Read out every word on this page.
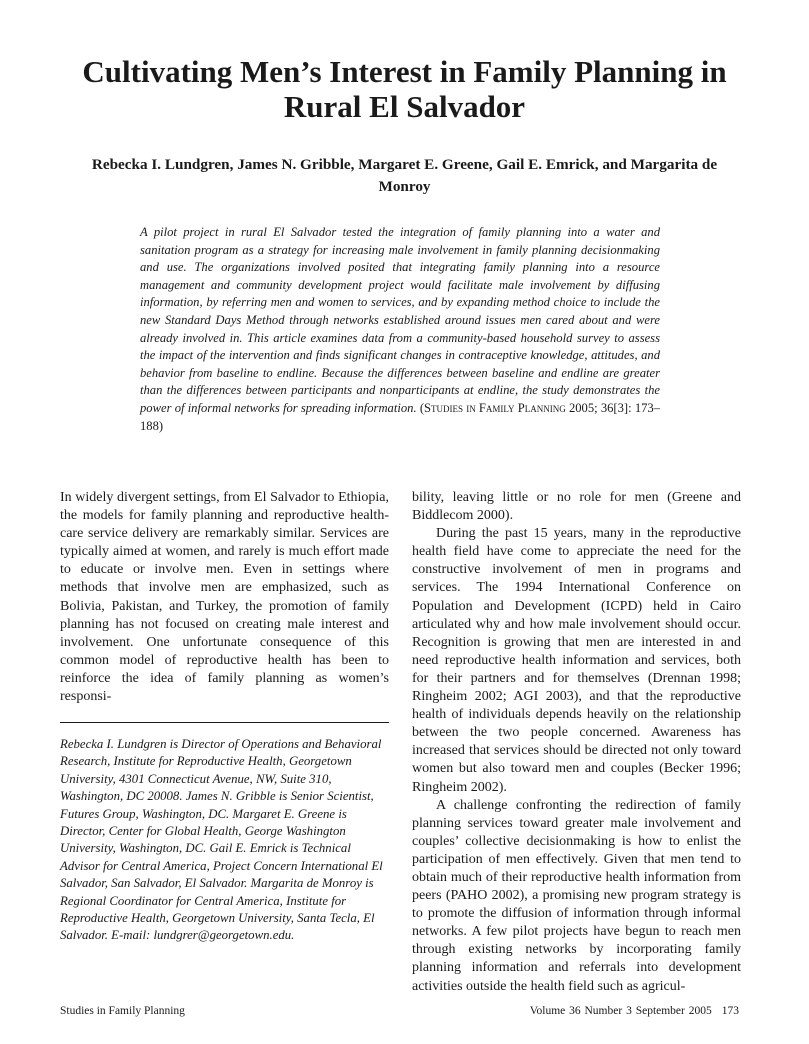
Cultivating Men’s Interest in Family Planning in Rural El Salvador
Rebecka I. Lundgren, James N. Gribble, Margaret E. Greene, Gail E. Emrick, and Margarita de Monroy
A pilot project in rural El Salvador tested the integration of family planning into a water and sanitation program as a strategy for increasing male involvement in family planning decisionmaking and use. The organizations involved posited that integrating family planning into a resource management and community development project would facilitate male involvement by diffusing information, by referring men and women to services, and by expanding method choice to include the new Standard Days Method through networks established around issues men cared about and were already involved in. This article examines data from a community-based household survey to assess the impact of the intervention and finds significant changes in contraceptive knowledge, attitudes, and behavior from baseline to endline. Because the differences between baseline and endline are greater than the differences between participants and nonparticipants at endline, the study demonstrates the power of informal networks for spreading information. (Studies in Family Planning 2005; 36[3]: 173–188)

In widely divergent settings, from El Salvador to Ethiopia, the models for family planning and reproductive health-care service delivery are remarkably similar. Services are typically aimed at women, and rarely is much effort made to educate or involve men. Even in settings where methods that involve men are emphasized, such as Bolivia, Pakistan, and Turkey, the promotion of family planning has not focused on creating male interest and involvement. One unfortunate consequence of this common model of reproductive health has been to reinforce the idea of family planning as women’s responsi-

Rebecka I. Lundgren is Director of Operations and Behavioral Research, Institute for Reproductive Health, Georgetown University, 4301 Connecticut Avenue, NW, Suite 310, Washington, DC 20008. James N. Gribble is Senior Scientist, Futures Group, Washington, DC. Margaret E. Greene is Director, Center for Global Health, George Washington University, Washington, DC. Gail E. Emrick is Technical Advisor for Central America, Project Concern International El Salvador, San Salvador, El Salvador. Margarita de Monroy is Regional Coordinator for Central America, Institute for Reproductive Health, Georgetown University, Santa Tecla, El Salvador. E-mail: lundgrer@georgetown.edu.

bility, leaving little or no role for men (Greene and Biddlecom 2000).

During the past 15 years, many in the reproductive health field have come to appreciate the need for the constructive involvement of men in programs and services. The 1994 International Conference on Population and Development (ICPD) held in Cairo articulated why and how male involvement should occur. Recognition is growing that men are interested in and need reproductive health information and services, both for their partners and for themselves (Drennan 1998; Ringheim 2002; AGI 2003), and that the reproductive health of individuals depends heavily on the relationship between the two people concerned. Awareness has increased that services should be directed not only toward women but also toward men and couples (Becker 1996; Ringheim 2002).

A challenge confronting the redirection of family planning services toward greater male involvement and couples’ collective decisionmaking is how to enlist the participation of men effectively. Given that men tend to obtain much of their reproductive health information from peers (PAHO 2002), a promising new program strategy is to promote the diffusion of information through informal networks. A few pilot projects have begun to reach men through existing networks by incorporating family planning information and referrals into development activities outside the health field such as agricul-

Studies in Family Planning	Volume 36 Number 3 September 2005 173
